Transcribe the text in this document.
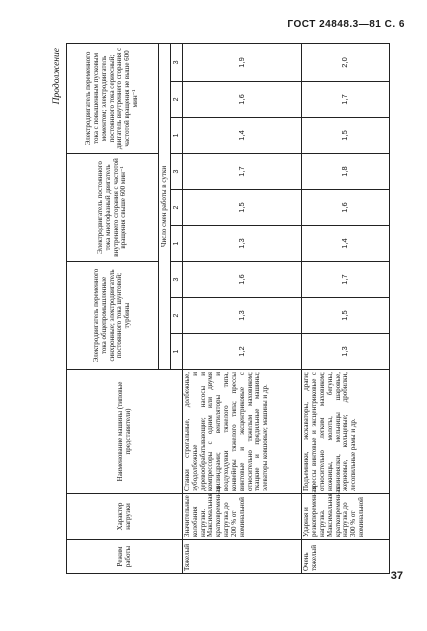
ГОСТ 24848.3—81 С. 6
Продолжение
Режим работы	Характер нагрузки	Наименование машины (типовые представители)	Электродвигатель переменного тока общепромышленные синхронные; электродвигатель постоянного тока шунтовой; турбины			Электродвигатель постоянного тока многофазный двигатель внутреннего сгорания с частотой вращения свыше 600 мин⁻¹			Электродвигатель переменного тока с повышенным пусковым моментом; электродвигатель постоянного тока сериесный; двигатель внутреннего сгорания с частотой вращения не выше 600 мин⁻¹		
			Число смен работы в сутки								
			1	2	3	1	2	3	1	2	3
Тяжелый	Значительные колебания нагрузки. Максимальная кратковременная нагрузка до 200 % от номинальной	Станки строгальные, долбежные, зубодолбежные и деревообрабатывающие; насосы и компрессоры с одним или двумя цилиндрами; вентиляторы и воздуходувки тяжелого типа, конвейеры тяжелого типа; прессы винтовые и эксцентриковые с относительно тяжелым маховиком; ткацкие и прядильные машины; элеваторы ковшовые; машины и др.	1,2	1,3	1,6	1,3	1,5	1,7	1,4	1,6	1,9
Очень тяжелый	Ударная и резкопеременная нагрузка. Максимальная кратковременная нагрузка до 300 % от номинальной	Подъемники, экскаваторы, драги; прессы винтовые и эксцентриковые с относительно легким маховиком; ножницы, молоты, бегуны, глиномялки, мельницы шаровые, жерновые, кольцевые; дробилки, лесопильные рамы и др.	1,3	1,5	1,7	1,4	1,6	1,8	1,5	1,7	2,0
37
